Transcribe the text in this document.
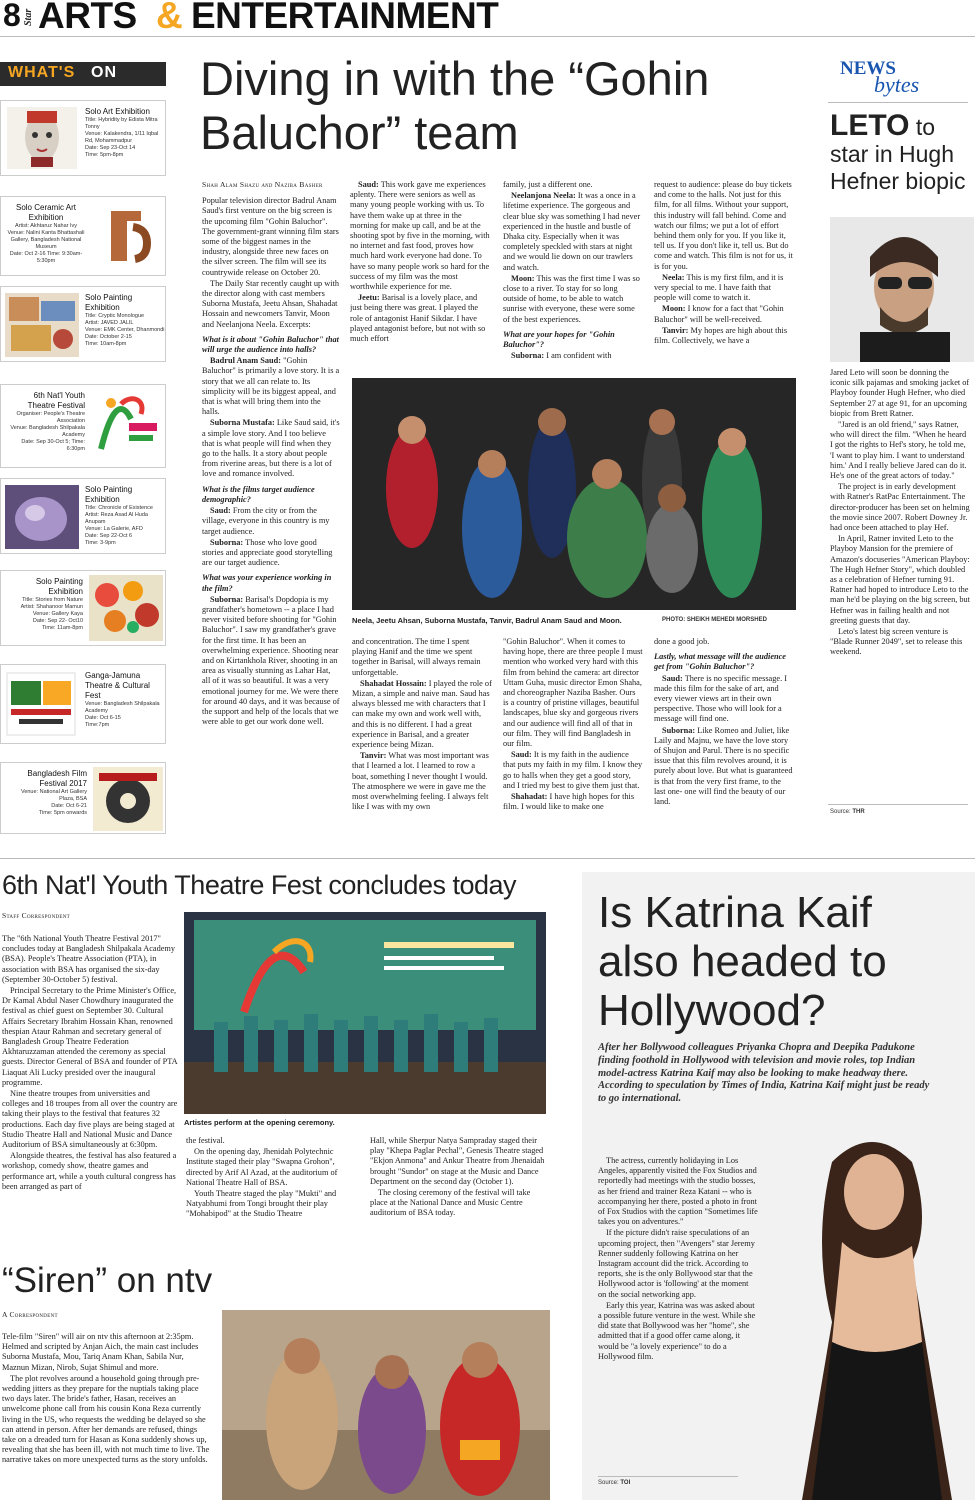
8 Star ARTS & ENTERTAINMENT
WHAT'S ON
Solo Art Exhibition
Title: Hybridity by Edista Mitra Tonny
Venue: Kalakendra, 1/11 Iqbal Rd, Mohammadpur
Date: Sep 23-Oct 14
Time: 5pm-8pm
Solo Ceramic Art Exhibition
Artist: Akhtaruz Nahar Ivy
Venue: Nalini Kanta Bhattashali Gallery, Bangladesh National Museum
Date: Oct 2-16 Time: 9:30am-5:30pm
Solo Painting Exhibition
Title: Cryptic Monologue
Artist: JAVED JALIL
Venue: EMK Center, Dhanmondi
Date: October 2-15
Time: 10am-8pm
6th Nat'l Youth Theatre Festival
Organiser: People's Theatre Association
Venue: Bangladesh Shilpakala Academy
Date: Sep 30-Oct 5; Time: 6:30pm
Solo Painting Exhibition
Title: Chronicle of Existence
Artist: Reza Asad Al Huda Anupam
Venue: La Galerie, AFD
Date: Sep 22-Oct 6
Time: 3-9pm
Solo Painting Exhibition
Title: Stories from Nature
Artist: Shahanoor Mamun
Venue: Gallery Kaya
Date: Sep 22- Oct10
Time: 11am-8pm
Ganga-Jamuna Theatre & Cultural Fest
Venue: Bangladesh Shilpakala Academy
Date: Oct 6-15
Time:7pm
Bangladesh Film Festival 2017
Venue: National Art Gallery Plaza, BSA
Date: Oct 6-21
Time: 5pm onwards
Diving in with the “Gohin Baluchor” team
Shah Alam Shazu and Naziba Basher

Popular television director Badrul Anam Saud's first venture on the big screen is the upcoming film "Gohin Baluchor". The government-grant winning film stars some of the biggest names in the industry, alongside three new faces on the silver screen. The film will see its countrywide release on October 20.

The Daily Star recently caught up with the director along with cast members Suborna Mustafa, Jeetu Ahsan, Shahadat Hossain and newcomers Tanvir, Moon and Neelanjona Neela. Excerpts:

What is it about "Gohin Baluchor" that will urge the audience into halls?

Badrul Anam Saud: "Gohin Baluchor" is primarily a love story. It is a story that we all can relate to. Its simplicity will be its biggest appeal, and that is what will bring them into the halls.

Suborna Mustafa: Like Saud said, it's a simple love story. And I too believe that is what people will find when they go to the halls. It a story about people from riverine areas, but there is a lot of love and romance involved.

What is the films target audience demographic?

Saud: From the city or from the village, everyone in this country is my target audience.

Suborna: Those who love good stories and appreciate good storytelling are our target audience.

What was your experience working in the film?

Suborna: Barisal's Dopdopia is my grandfather's hometown -- a place I had never visited before shooting for "Gohin Baluchor". I saw my grandfather's grave for the first time. It has been an overwhelming experience. Shooting near and on Kirtankhola River, shooting in an area as visually stunning as Lahar Hat, all of it was so beautiful. It was a very emotional journey for me. We were there for around 40 days, and it was because of the support and help of the locals that we were able to get our work done well.

Saud: This work gave me experiences aplenty. There were seniors as well as many young people working with us. To have them wake up at three in the morning for make up call, and be at the shooting spot by five in the morning, with no internet and fast food, proves how much hard work everyone had done. To have so many people work so hard for the success of my film was the most worthwhile experience for me.

Jeetu: Barisal is a lovely place, and just being there was great. I played the role of antagonist Hanif Sikdar. I have played antagonist before, but not with so much effort

family, just a different one.

Neelanjona Neela: It was a once in a lifetime experience. The gorgeous and clear blue sky was something I had never experienced in the hustle and bustle of Dhaka city. Especially when it was completely speckled with stars at night and we would lie down on our trawlers and watch.

Moon: This was the first time I was so close to a river. To stay for so long outside of home, to be able to watch sunrise with everyone, these were some of the best experiences.

What are your hopes for "Gohin Baluchor"?

Suborna: I am confident with

request to audience: please do buy tickets and come to the halls. Not just for this film, for all films. Without your support, this industry will fall behind. Come and watch our films; we put a lot of effort behind them only for you. If you like it, tell us. If you don't like it, tell us. But do come and watch. This film is not for us, it is for you.

Neela: This is my first film, and it is very special to me. I have faith that people will come to watch it.

Moon: I know for a fact that "Gohin Baluchor" will be well-received.

Tanvir: My hopes are high about this film. Collectively, we have a

Neela, Jeetu Ahsan, Suborna Mustafa, Tanvir, Badrul Anam Saud and Moon.	PHOTO: SHEIKH MEHEDI MORSHED

and concentration. The time I spent playing Hanif and the time we spent together in Barisal, will always remain unforgettable.

Shahadat Hossain: I played the role of Mizan, a simple and naive man. Saud has always blessed me with characters that I can make my own and work well with, and this is no different. I had a great experience in Barisal, and a greater experience being Mizan.

Tanvir: What was most important was that I learned a lot. I learned to row a boat, something I never thought I would. The atmosphere we were in gave me the most overwhelming feeling. I always felt like I was with my own

"Gohin Baluchor". When it comes to having hope, there are three people I must mention who worked very hard with this film from behind the camera: art director Uttam Guha, music director Emon Shaha, and choreographer Naziba Basher. Ours is a country of pristine villages, beautiful landscapes, blue sky and gorgeous rivers and our audience will find all of that in our film. They will find Bangladesh in our film.

Saud: It is my faith in the audience that puts my faith in my film. I know they go to halls when they get a good story, and I tried my best to give them just that.

Shahadat: I have high hopes for this film. I would like to make one

done a good job.

Lastly, what message will the audience get from "Gohin Baluchor"?

Saud: There is no specific message. I made this film for the sake of art, and every viewer views art in their own perspective. Those who will look for a message will find one.

Suborna: Like Romeo and Juliet, like Laily and Majnu, we have the love story of Shujon and Parul. There is no specific issue that this film revolves around, it is purely about love. But what is guaranteed is that from the very first frame, to the last one- one will find the beauty of our land.

NEWS
bytes
LETO to star in Hugh Hefner biopic

Jared Leto will soon be donning the iconic silk pajamas and smoking jacket of Playboy founder Hugh Hefner, who died September 27 at age 91, for an upcoming biopic from Brett Ratner.

"Jared is an old friend," says Ratner, who will direct the film. "When he heard I got the rights to Hef's story, he told me, 'I want to play him. I want to understand him.' And I really believe Jared can do it. He's one of the great actors of today."

The project is in early development with Ratner's RatPac Entertainment. The director-producer has been set on helming the movie since 2007. Robert Downey Jr. had once been attached to play Hef.

In April, Ratner invited Leto to the Playboy Mansion for the premiere of Amazon's docuseries "American Playboy: The Hugh Hefner Story", which doubled as a celebration of Hefner turning 91. Ratner had hoped to introduce Leto to the man he'd be playing on the big screen, but Hefner was in failing health and not greeting guests that day.

Leto's latest big screen venture is "Blade Runner 2049", set to release this weekend.

Source: THR
6th Nat'l Youth Theatre Fest concludes today
Staff Correspondent

The "6th National Youth Theatre Festival 2017" concludes today at Bangladesh Shilpakala Academy (BSA). People's Theatre Association (PTA), in association with BSA has organised the six-day (September 30-October 5) festival.

Principal Secretary to the Prime Minister's Office, Dr Kamal Abdul Naser Chowdhury inaugurated the festival as chief guest on September 30. Cultural Affairs Secretary Ibrahim Hossain Khan, renowned thespian Ataur Rahman and secretary general of Bangladesh Group Theatre Federation Akhtaruzzaman attended the ceremony as special guests. Director General of BSA and founder of PTA Liaquat Ali Lucky presided over the inaugural programme.

Nine theatre troupes from universities and colleges and 18 troupes from all over the country are taking their plays to the festival that features 32 productions. Each day five plays are being staged at Studio Theatre Hall and National Music and Dance Auditorium of BSA simultaneously at 6:30pm.

Alongside theatres, the festival has also featured a workshop, comedy show, theatre games and performance art, while a youth cultural congress has been arranged as part of

Artistes perform at the opening ceremony.

the festival.

On the opening day, Jhenidah Polytechnic Institute staged their play "Swapna Grohon", directed by Arif Al Azad, at the auditorium of National Theatre Hall of BSA.

Youth Theatre staged the play "Mukti" and Natyabhumi from Tongi brought their play "Mohabipod" at the Studio Theatre

Hall, while Sherpur Natya Sampraday staged their play "Khepa Paglar Pechal", Genesis Theatre staged "Ekjon Anmona" and Ankur Theatre from Jhenaidah brought "Sundor" on stage at the Music and Dance Department on the second day (October 1).

The closing ceremony of the festival will take place at the National Dance and Music Centre auditorium of BSA today.

“Siren” on ntv
A Correspondent

Tele-film "Siren" will air on ntv this afternoon at 2:35pm. Helmed and scripted by Anjan Aich, the main cast includes Suborna Mustafa, Mou, Tariq Anam Khan, Sabila Nur, Maznun Mizan, Nirob, Sujat Shimul and more.

The plot revolves around a household going through pre-wedding jitters as they prepare for the nuptials taking place two days later. The bride's father, Hasan, receives an unwelcome phone call from his cousin Kona Reza currently living in the US, who requests the wedding be delayed so she can attend in person. After her demands are refused, things take on a dreaded turn for Hasan as Kona suddenly shows up, revealing that she has been ill, with not much time to live. The narrative takes on more unexpected turns as the story unfolds.

Is Katrina Kaif also headed to Hollywood?
After her Bollywood colleagues Priyanka Chopra and Deepika Padukone finding foothold in Hollywood with television and movie roles, top Indian model-actress Katrina Kaif may also be looking to make headway there. According to speculation by Times of India, Katrina Kaif might just be ready to go international.

The actress, currently holidaying in Los Angeles, apparently visited the Fox Studios and reportedly had meetings with the studio bosses, as her friend and trainer Reza Katani -- who is accompanying her there, posted a photo in front of Fox Studios with the caption "Sometimes life takes you on adventures."

If the picture didn't raise speculations of an upcoming project, then "Avengers" star Jeremy Renner suddenly following Katrina on her Instagram account did the trick. According to reports, she is the only Bollywood star that the Hollywood actor is 'following' at the moment on the social networking app.

Early this year, Katrina was was asked about a possible future venture in the west. While she did state that Bollywood was her "home", she admitted that if a good offer came along, it would be "a lovely experience" to do a Hollywood film.

Source: TOI
